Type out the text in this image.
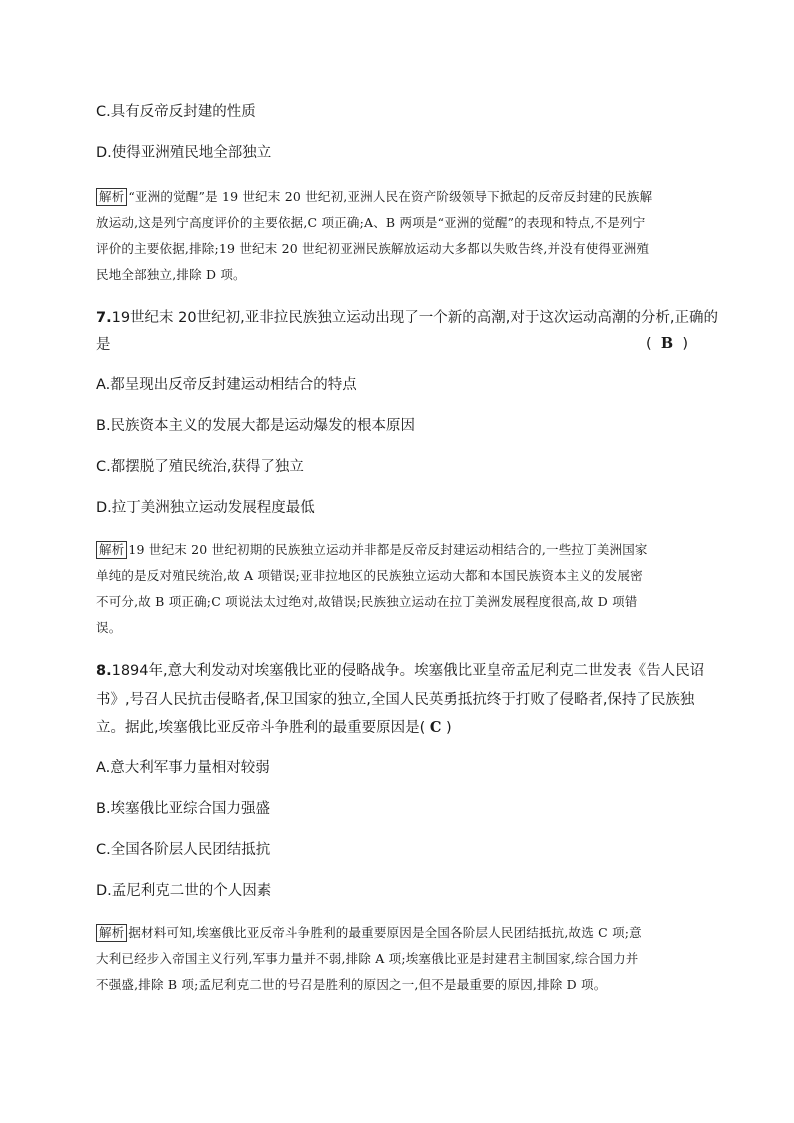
C.具有反帝反封建的性质
D.使得亚洲殖民地全部独立
解析 “亚洲的觉醒”是 19 世纪末 20 世纪初,亚洲人民在资产阶级领导下掀起的反帝反封建的民族解
放运动,这是列宁高度评价的主要依据,C 项正确;A、B 两项是“亚洲的觉醒”的表现和特点,不是列宁
评价的主要依据,排除;19 世纪末 20 世纪初亚洲民族解放运动大多都以失败告终,并没有使得亚洲殖
民地全部独立,排除 D 项。
7.19世纪末 20世纪初,亚非拉民族独立运动出现了一个新的高潮,对于这次运动高潮的分析,正确的
是	(  B  )
A.都呈现出反帝反封建运动相结合的特点
B.民族资本主义的发展大都是运动爆发的根本原因
C.都摆脱了殖民统治,获得了独立
D.拉丁美洲独立运动发展程度最低
解析 19 世纪末 20 世纪初期的民族独立运动并非都是反帝反封建运动相结合的,一些拉丁美洲国家
单纯的是反对殖民统治,故 A 项错误;亚非拉地区的民族独立运动大都和本国民族资本主义的发展密
不可分,故 B 项正确;C 项说法太过绝对,故错误;民族独立运动在拉丁美洲发展程度很高,故 D 项错
误。
8.1894年,意大利发动对埃塞俄比亚的侵略战争。埃塞俄比亚皇帝孟尼利克二世发表《告人民诏
书》,号召人民抗击侵略者,保卫国家的独立,全国人民英勇抵抗终于打败了侵略者,保持了民族独
立。据此,埃塞俄比亚反帝斗争胜利的最重要原因是( C )
A.意大利军事力量相对较弱
B.埃塞俄比亚综合国力强盛
C.全国各阶层人民团结抵抗
D.孟尼利克二世的个人因素
解析 据材料可知,埃塞俄比亚反帝斗争胜利的最重要原因是全国各阶层人民团结抵抗,故选 C 项;意
大利已经步入帝国主义行列,军事力量并不弱,排除 A 项;埃塞俄比亚是封建君主制国家,综合国力并
不强盛,排除 B 项;孟尼利克二世的号召是胜利的原因之一,但不是最重要的原因,排除 D 项。
